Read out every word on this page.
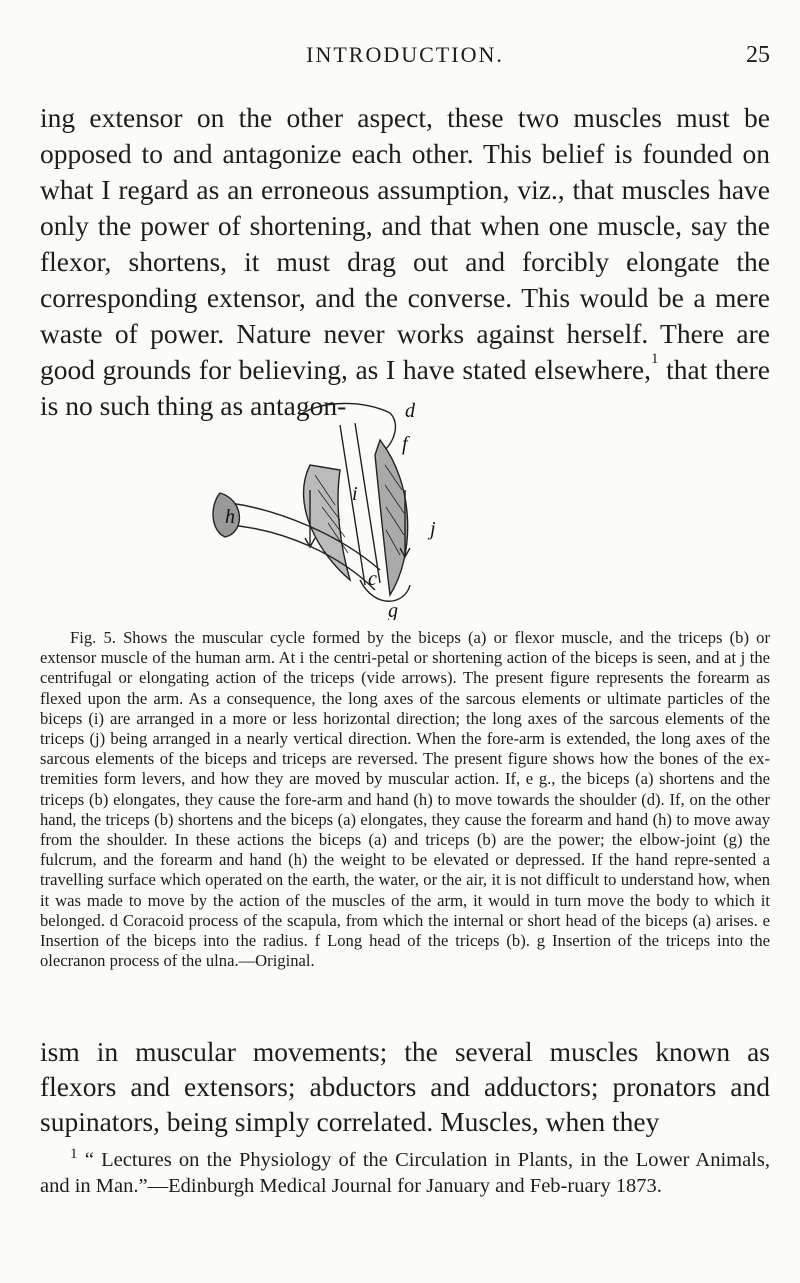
INTRODUCTION.	25

ing extensor on the other aspect, these two muscles must be opposed to and antagonize each other. This belief is founded on what I regard as an erroneous assumption, viz., that muscles have only the power of shortening, and that when one muscle, say the flexor, shortens, it must drag out and forcibly elongate the corresponding extensor, and the converse. This would be a mere waste of power. Nature never works against herself. There are good grounds for believing, as I have stated elsewhere,$^1$ that there is no such thing as antagon-	d
f
i
h
j
c
g

Fig. 5. Shows the muscular cycle formed by the biceps (a) or flexor muscle, and the triceps (b) or extensor muscle of the human arm. At i the centri-petal or shortening action of the biceps is seen, and at j the centrifugal or elongating action of the triceps (vide arrows). The present figure represents the forearm as flexed upon the arm. As a consequence, the long axes of the sarcous elements or ultimate particles of the biceps (i) are arranged in a more or less horizontal direction; the long axes of the sarcous elements of the triceps (j) being arranged in a nearly vertical direction. When the fore-arm is extended, the long axes of the sarcous elements of the biceps and triceps are reversed. The present figure shows how the bones of the ex-tremities form levers, and how they are moved by muscular action. If, e g., the biceps (a) shortens and the triceps (b) elongates, they cause the fore-arm and hand (h) to move towards the shoulder (d). If, on the other hand, the triceps (b) shortens and the biceps (a) elongates, they cause the forearm and hand (h) to move away from the shoulder. In these actions the biceps (a) and triceps (b) are the power; the elbow-joint (g) the fulcrum, and the forearm and hand (h) the weight to be elevated or depressed. If the hand repre-sented a travelling surface which operated on the earth, the water, or the air, it is not difficult to understand how, when it was made to move by the action of the muscles of the arm, it would in turn move the body to which it belonged. d Coracoid process of the scapula, from which the internal or short head of the biceps (a) arises. e Insertion of the biceps into the radius. f Long head of the triceps (b). g Insertion of the triceps into the olecranon process of the ulna.—Original.

ism in muscular movements; the several muscles known as flexors and extensors; abductors and adductors; pronators and supinators, being simply correlated. Muscles, when they

$^1$ “ Lectures on the Physiology of the Circulation in Plants, in the Lower Animals, and in Man.”—Edinburgh Medical Journal for January and Feb-ruary 1873.
